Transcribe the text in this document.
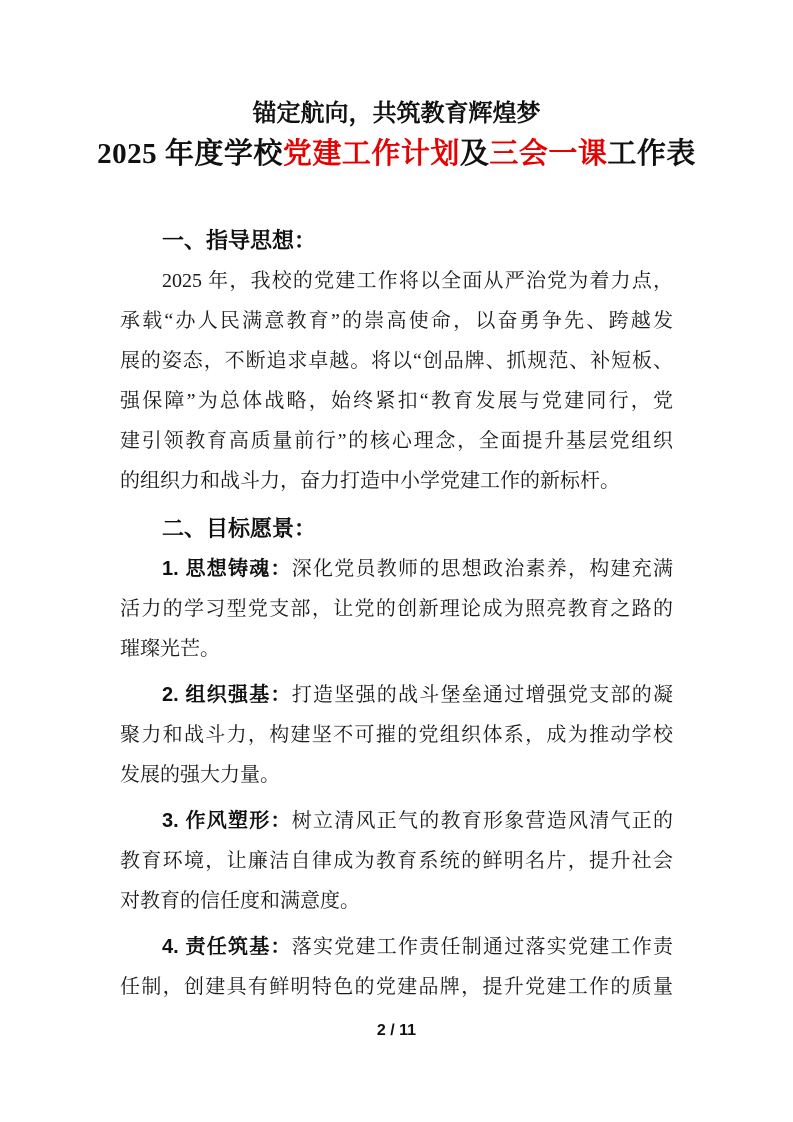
锚定航向，共筑教育辉煌梦
2025 年度学校党建工作计划及三会一课工作表
一、指导思想：
2025 年，我校的党建工作将以全面从严治党为着力点，
承载“办人民满意教育”的崇高使命，以奋勇争先、跨越发
展的姿态，不断追求卓越。将以“创品牌、抓规范、补短板、
强保障”为总体战略，始终紧扣“教育发展与党建同行，党
建引领教育高质量前行”的核心理念，全面提升基层党组织
的组织力和战斗力，奋力打造中小学党建工作的新标杆。
二、目标愿景：
1. 思想铸魂：深化党员教师的思想政治素养，构建充满
活力的学习型党支部，让党的创新理论成为照亮教育之路的
璀璨光芒。
2. 组织强基：打造坚强的战斗堡垒通过增强党支部的凝
聚力和战斗力，构建坚不可摧的党组织体系，成为推动学校
发展的强大力量。
3. 作风塑形：树立清风正气的教育形象营造风清气正的
教育环境，让廉洁自律成为教育系统的鲜明名片，提升社会
对教育的信任度和满意度。
4. 责任筑基：落实党建工作责任制通过落实党建工作责
任制，创建具有鲜明特色的党建品牌，提升党建工作的质量
2 / 11
